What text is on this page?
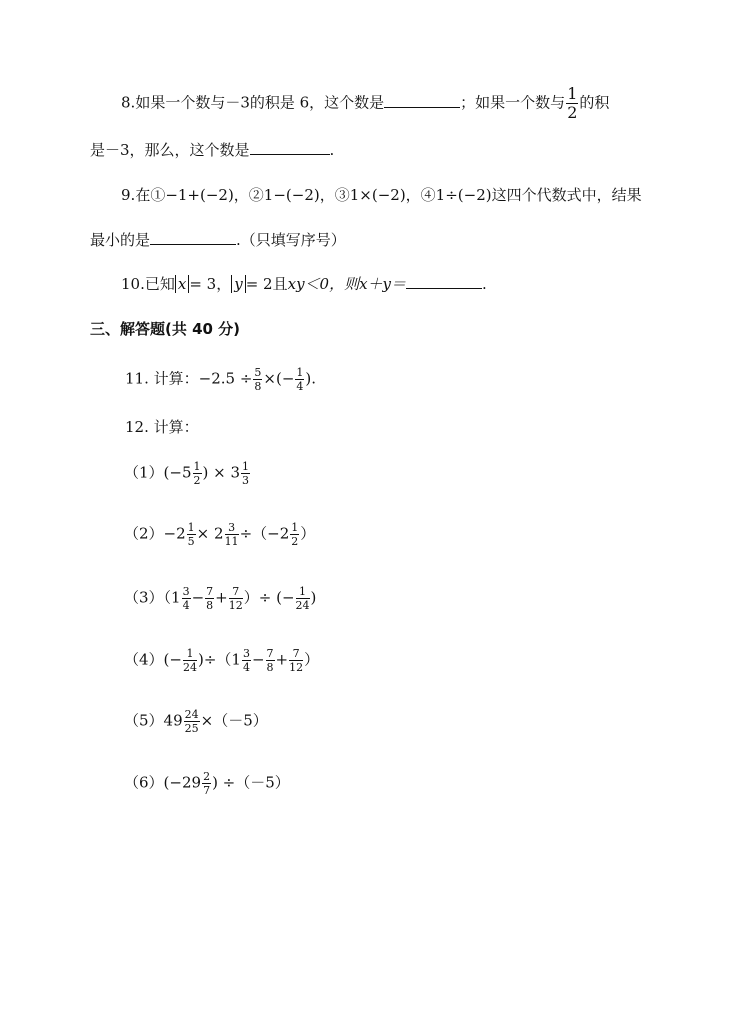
8.如果一个数与－3的积是 6，这个数是	；如果一个数与 $\frac{1}{2}$ 的积
是－3，那么，这个数是	.
9.在①−1+(−2)，②1−(−2)，③1×(−2)，④1÷(−2)这四个代数式中，结果
最小的是	.（只填写序号）
10.已知 x = 3， y = 2且xy＜0，则x＋y＝	.
三、解答题(共 40 分)
11. 计算：$-2.5 \div \frac{5}{8}$ ×(− $\frac{1}{4}$ ).
12. 计算：
$(1)(-5 \frac{1}{2}$ ) × $3 \frac{1}{3}$
$(2)-2 \frac{1}{5} \times 2 \frac{3}{11} \div(-2 \frac{1}{2}$ ）
$(3)(1 \frac{3}{4} - \frac{7}{8} + \frac{7}{12}$ ）÷ (− $\frac{1}{24}$ )
$(4)(- \frac{1}{24} )\div(1 \frac{3}{4} - \frac{7}{8} + \frac{7}{12}$ ）
$(5)49 \frac{24}{25} \times(-5)$
$(6)(-29 \frac{2}{7}$ ) ÷（－5）
